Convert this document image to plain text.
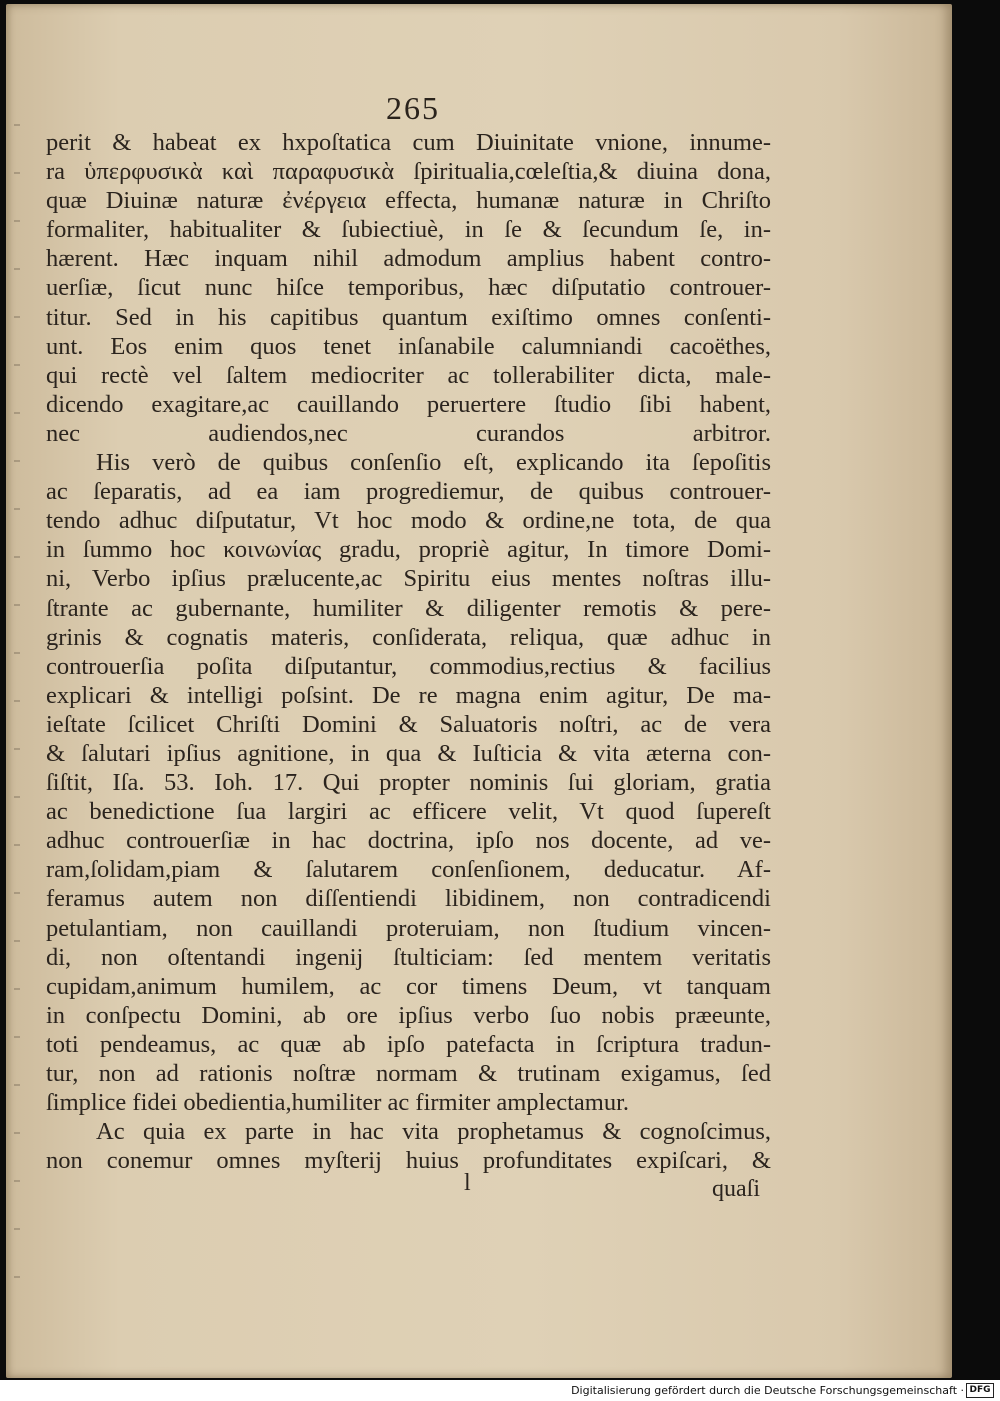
265
perit & habeat ex hxpoſtatica cum Diuinitate vnione, innume-
ra ὑπερφυσικὰ καὶ παραφυσικὰ ſpiritualia,cœleſtia,& diuina dona,
quæ Diuinæ naturæ ἐνέργεια effecta, humanæ naturæ in Chriſto
formaliter, habitualiter & ſubiectiuè, in ſe & ſecundum ſe, in-
hærent. Hæc inquam nihil admodum amplius habent contro-
uerſiæ, ſicut nunc hiſce temporibus, hæc diſputatio controuer-
titur. Sed in his capitibus quantum exiſtimo omnes conſenti-
unt. Eos enim quos tenet inſanabile calumniandi cacoëthes,
qui rectè vel ſaltem mediocriter ac tollerabiliter dicta, male-
dicendo exagitare,ac cauillando peruertere ſtudio ſibi habent,
nec audiendos,nec curandos arbitror.
His verò de quibus conſenſio eſt, explicando ita ſepoſitis
ac ſeparatis, ad ea iam progrediemur, de quibus controuer-
tendo adhuc diſputatur, Vt hoc modo & ordine,ne tota, de qua
in ſummo hoc κοινωνίας gradu, propriè agitur, In timore Domi-
ni, Verbo ipſius prælucente,ac Spiritu eius mentes noſtras illu-
ſtrante ac gubernante, humiliter & diligenter remotis & pere-
grinis & cognatis materis, conſiderata, reliqua, quæ adhuc in
controuerſia poſita diſputantur, commodius,rectius & facilius
explicari & intelligi poſsint. De re magna enim agitur, De ma-
ieſtate ſcilicet Chriſti Domini & Saluatoris noſtri, ac de vera
& ſalutari ipſius agnitione, in qua & Iuſticia & vita æterna con-
ſiſtit, Iſa. 53. Ioh. 17. Qui propter nominis ſui gloriam, gratia
ac benedictione ſua largiri ac efficere velit, Vt quod ſupereſt
adhuc controuerſiæ in hac doctrina, ipſo nos docente, ad ve-
ram,ſolidam,piam & ſalutarem conſenſionem, deducatur. Af-
feramus autem non diſſentiendi libidinem, non contradicendi
petulantiam, non cauillandi proteruiam, non ſtudium vincen-
di, non oſtentandi ingenij ſtulticiam: ſed mentem veritatis
cupidam,animum humilem, ac cor timens Deum, vt tanquam
in conſpectu Domini, ab ore ipſius verbo ſuo nobis præeunte,
toti pendeamus, ac quæ ab ipſo patefacta in ſcriptura tradun-
tur, non ad rationis noſtræ normam & trutinam exigamus, ſed
ſimplice fidei obedientia,humiliter ac firmiter amplectamur.
Ac quia ex parte in hac vita prophetamus & cognoſcimus,
non conemur omnes myſterij huius profunditates expiſcari, &
l	quaſi
Digitalisierung gefördert durch die Deutsche Forschungsgemeinschaft · DFG
